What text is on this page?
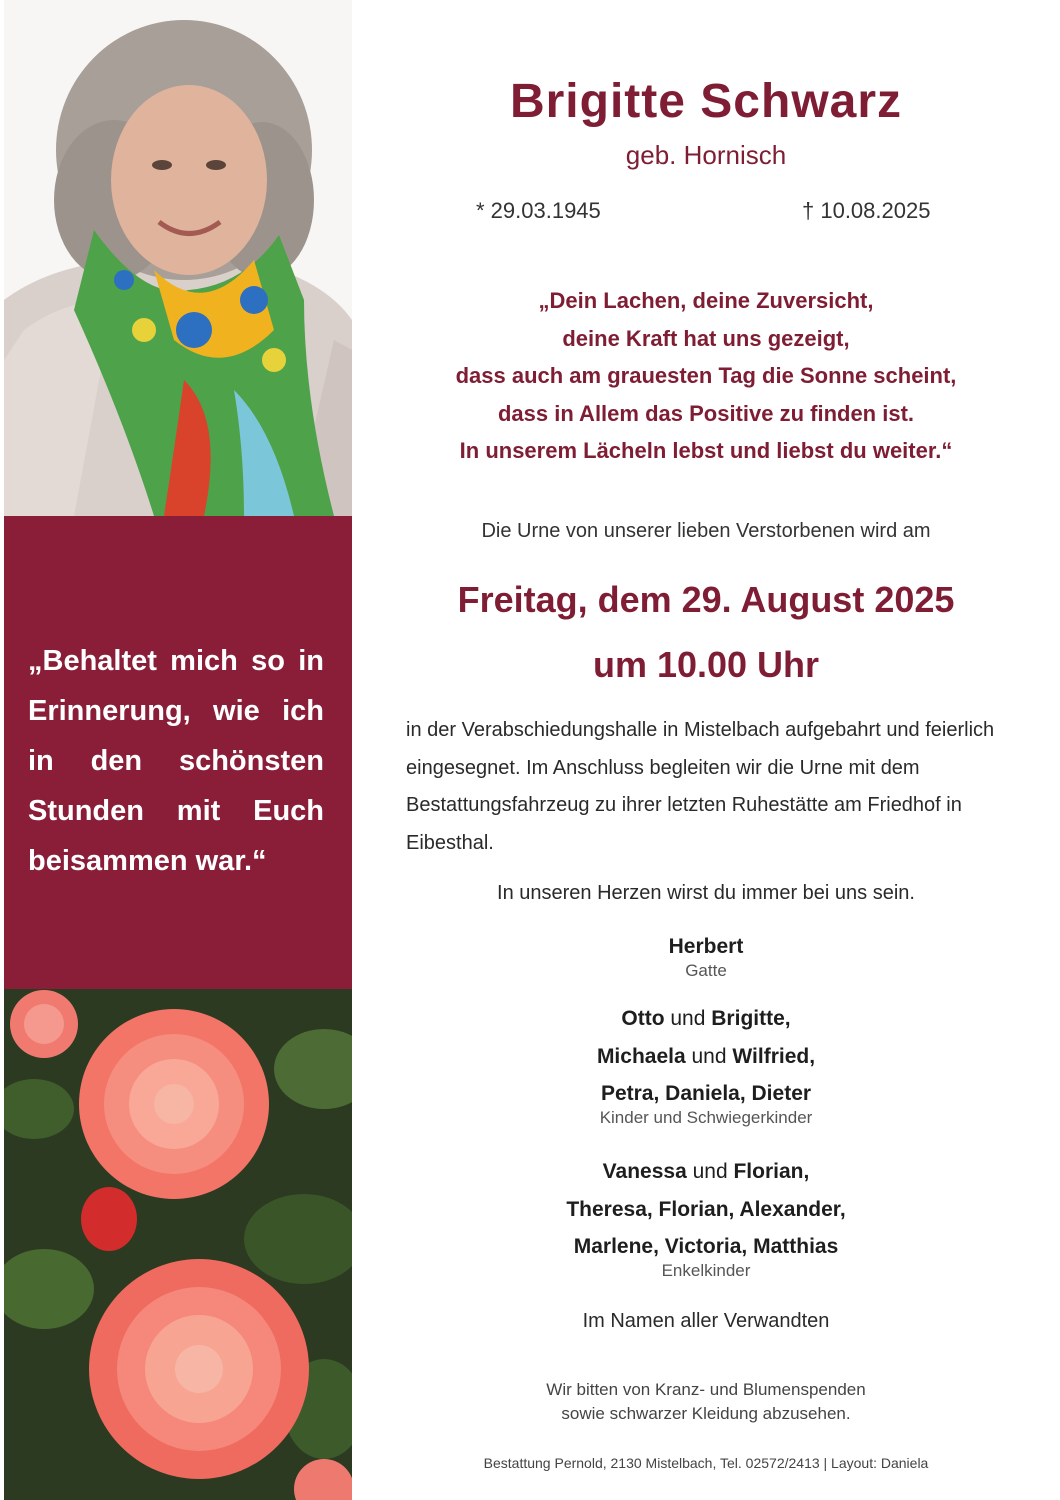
„Behaltet mich so in Erinnerung, wie ich in den schönsten Stunden mit Euch beisammen war.“

Brigitte Schwarz
geb. Hornisch
* 29.03.1945	† 10.08.2025
„Dein Lachen, deine Zuversicht,
deine Kraft hat uns gezeigt,
dass auch am grauesten Tag die Sonne scheint,
dass in Allem das Positive zu finden ist.
In unserem Lächeln lebst und liebst du weiter.“
Die Urne von unserer lieben Verstorbenen wird am
Freitag, dem 29. August 2025
um 10.00 Uhr

in der Verabschiedungshalle in Mistelbach aufgebahrt und feierlich eingesegnet. Im Anschluss begleiten wir die Urne mit dem Bestattungsfahrzeug zu ihrer letzten Ruhestätte am Friedhof in Eibesthal.

In unseren Herzen wirst du immer bei uns sein.
Herbert
Gatte
Otto und Brigitte,
Michaela und Wilfried,
Petra, Daniela, Dieter
Kinder und Schwiegerkinder
Vanessa und Florian,
Theresa, Florian, Alexander,
Marlene, Victoria, Matthias
Enkelkinder
Im Namen aller Verwandten
Wir bitten von Kranz- und Blumenspenden
sowie schwarzer Kleidung abzusehen.
Bestattung Pernold, 2130 Mistelbach, Tel. 02572/2413 | Layout: Daniela
